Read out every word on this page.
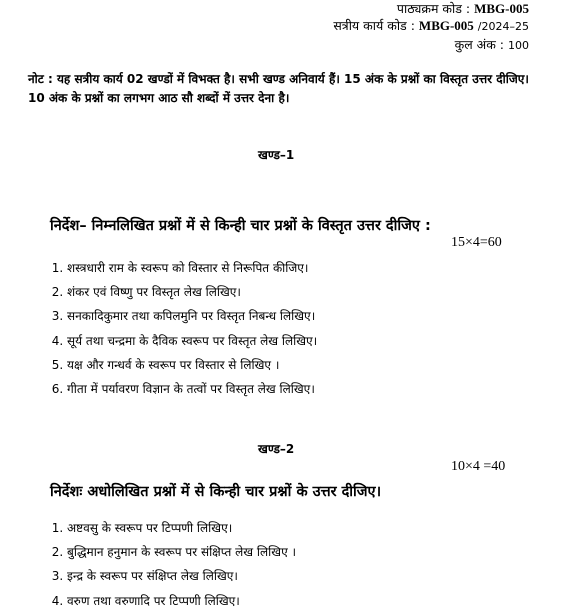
पाठ्यक्रम कोड : MBG-005
सत्रीय कार्य कोड : MBG-005 /2024–25
कुल अंक : 100
नोट : यह सत्रीय कार्य 02 खण्डों में विभक्त है। सभी खण्ड अनिवार्य हैं। 15 अंक के प्रश्नों का विस्तृत उत्तर दीजिए। 10 अंक के प्रश्नों का लगभग आठ सौ शब्दों में उत्तर देना है।
खण्ड–1
निर्देश– निम्नलिखित प्रश्नों में से किन्ही चार प्रश्नों के विस्तृत उत्तर दीजिए :
15×4=60
1. शस्त्रधारी राम के स्वरूप को विस्तार से निरूपित कीजिए।
2. शंकर एवं विष्णु पर विस्तृत लेख लिखिए।
3. सनकादिकुमार तथा कपिलमुनि पर विस्तृत निबन्ध लिखिए।
4. सूर्य तथा चन्द्रमा के दैविक स्वरूप पर विस्तृत लेख लिखिए।
5. यक्ष और गन्धर्व के स्वरूप पर विस्तार से लिखिए ।
6. गीता में पर्यावरण विज्ञान के तत्वों पर विस्तृत लेख लिखिए।
खण्ड–2
10×4 =40
निर्देशः अधोलिखित प्रश्नों में से किन्ही चार प्रश्नों के उत्तर दीजिए।
1. अष्टवसु के स्वरूप पर टिप्पणी लिखिए।
2. बुद्धिमान हनुमान के स्वरूप पर संक्षिप्त लेख लिखिए ।
3. इन्द्र के स्वरूप पर संक्षिप्त लेख लिखिए।
4. वरुण तथा वरुणादि पर टिप्पणी लिखिए।
